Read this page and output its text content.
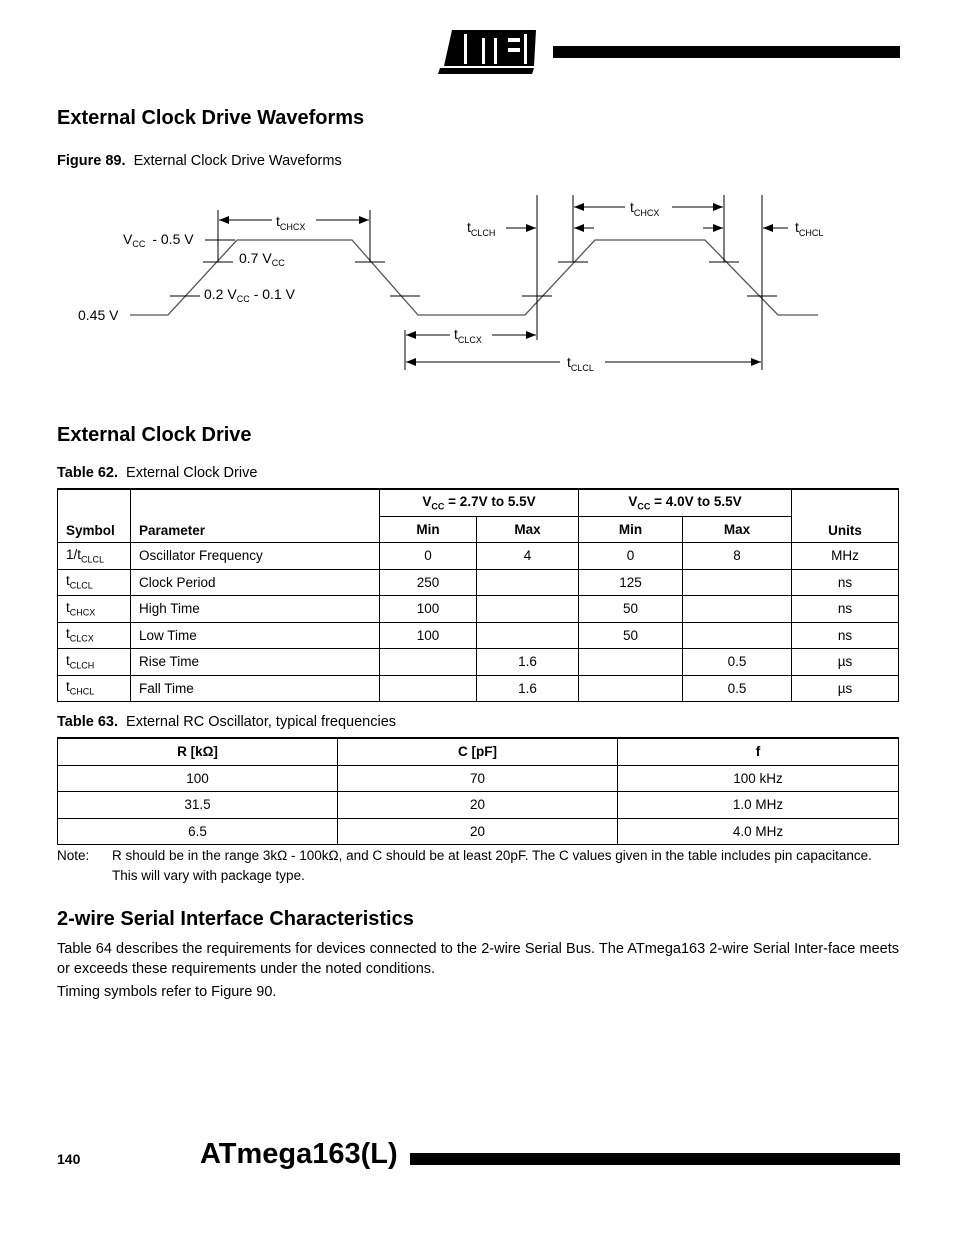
External Clock Drive Waveforms
Figure 89. External Clock Drive Waveforms
$V_{CC} - 0.5$ V
0.7 $V_{CC}$
0.2 $V_{CC} - 0.1$ V
0.45 V
$t_{CHCX}$	$t_{CLCH}$
$t_{CHCX}$
$t_{CHCL}$
$t_{CLCX}$
$t_{CLCL}$
External Clock Drive
Table 62. External Clock Drive
Symbol	Parameter	$V_{CC} = 2.7V$ to 5.5V		$V_{CC} = 4.0V$ to 5.5V		Units
		Min	Max	Min	Max	
$1/t_{CLCL}$	Oscillator Frequency	0	4	0	8	MHz
$t_{CLCL}$	Clock Period	250		125		ns
$t_{CHCX}$	High Time	100		50		ns
$t_{CLCX}$	Low Time	100		50		ns
$t_{CLCH}$	Rise Time		1.6		0.5	µs
$t_{CHCL}$	Fall Time		1.6		0.5	µs
Table 63. External RC Oscillator, typical frequencies
R [kΩ]	C [pF]	f
100	70	100 kHz
31.5	20	1.0 MHz
6.5	20	4.0 MHz
Note: R should be in the range 3kΩ - 100kΩ, and C should be at least 20pF. The C values given in the table includes pin capacitance.
This will vary with package type.
2-wire Serial Interface Characteristics
Table 64 describes the requirements for devices connected to the 2-wire Serial Bus. The ATmega163 2-wire Serial Inter-face meets or exceeds these requirements under the noted conditions.
Timing symbols refer to Figure 90.
140	ATmega163(L)
